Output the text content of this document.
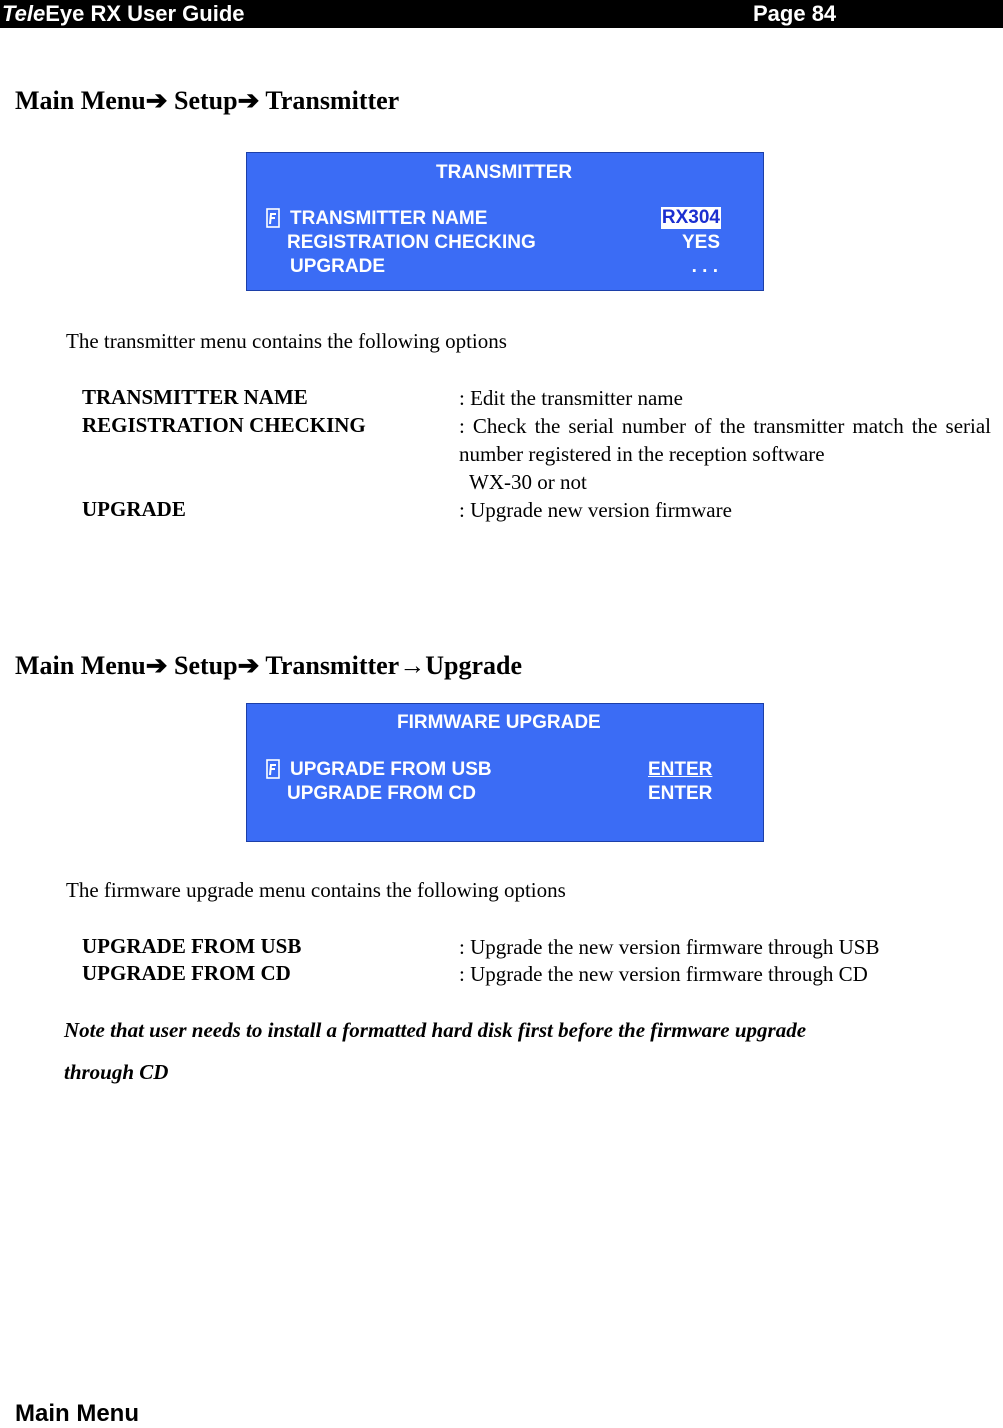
TeleEye RX User Guide	Page 84
Main Menu➔ Setup➔ Transmitter
TRANSMITTER
TRANSMITTER NAME	RX304
REGISTRATION CHECKING	YES
UPGRADE	. . .
The transmitter menu contains the following options
TRANSMITTER NAME	: Edit the transmitter name
REGISTRATION CHECKING	: Check the serial number of the transmitter match the serial number registered in the reception software
WX-30 or not
UPGRADE	: Upgrade new version firmware
Main Menu➔ Setup➔ Transmitter→Upgrade
FIRMWARE UPGRADE
UPGRADE FROM USB	ENTER
UPGRADE FROM CD	ENTER
The firmware upgrade menu contains the following options
UPGRADE FROM USB	: Upgrade the new version firmware through USB
UPGRADE FROM CD	: Upgrade the new version firmware through CD
Note that user needs to install a formatted hard disk first before the firmware upgrade
through CD
Main Menu
